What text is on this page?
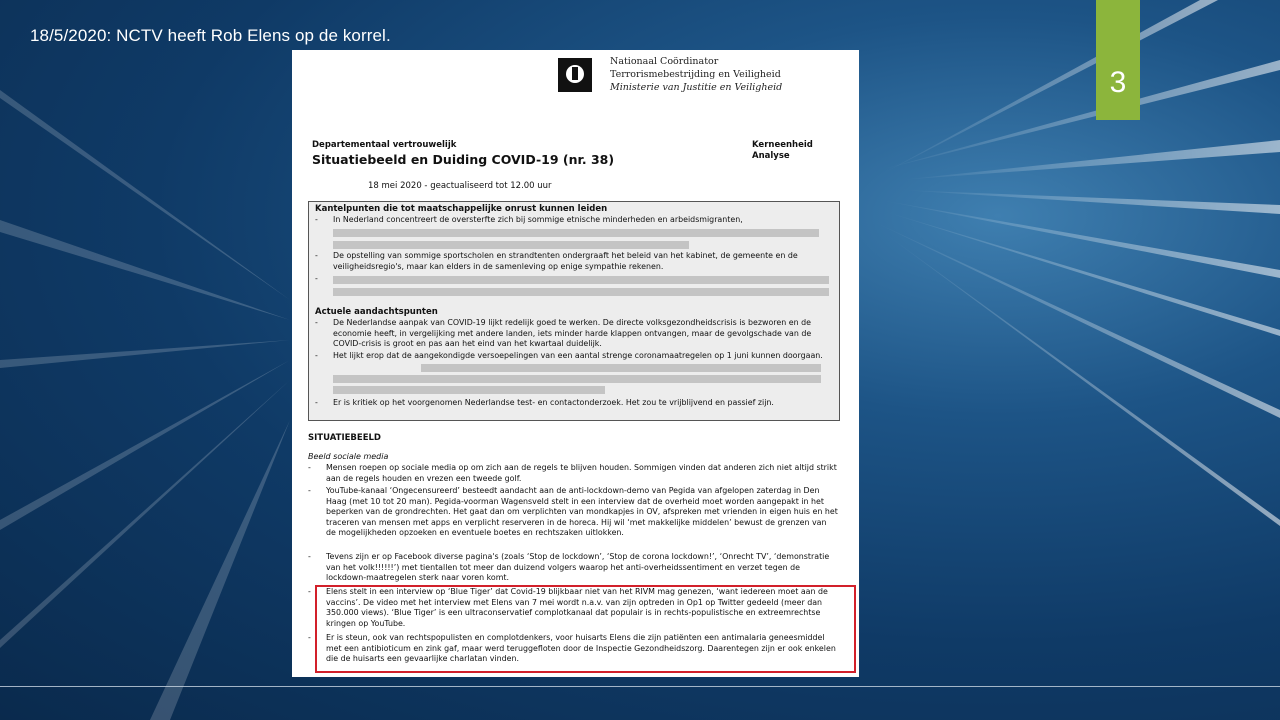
18/5/2020: NCTV heeft Rob Elens op de korrel.
3
Nationaal Coördinator
Terrorismebestrijding en Veiligheid
Ministerie van Justitie en Veiligheid
Departementaal vertrouwelijk
Situatiebeeld en Duiding COVID-19 (nr. 38)
18 mei 2020 - geactualiseerd tot 12.00 uur
Kerneenheid
Analyse
Kantelpunten die tot maatschappelijke onrust kunnen leiden
- In Nederland concentreert de oversterfte zich bij sommige etnische minderheden en arbeidsmigranten,
- De opstelling van sommige sportscholen en strandtenten ondergraaft het beleid van het kabinet, de gemeente en de veiligheidsregio's, maar kan elders in de samenleving op enige sympathie rekenen.
-
Actuele aandachtspunten
- De Nederlandse aanpak van COVID-19 lijkt redelijk goed te werken. De directe volksgezondheidscrisis is bezworen en de economie heeft, in vergelijking met andere landen, iets minder harde klappen ontvangen, maar de gevolgschade van de COVID-crisis is groot en pas aan het eind van het kwartaal duidelijk.
- Het lijkt erop dat de aangekondigde versoepelingen van een aantal strenge coronamaatregelen op 1 juni kunnen doorgaan.
- Er is kritiek op het voorgenomen Nederlandse test- en contactonderzoek. Het zou te vrijblijvend en passief zijn.
SITUATIEBEELD
Beeld sociale media
- Mensen roepen op sociale media op om zich aan de regels te blijven houden. Sommigen vinden dat anderen zich niet altijd strikt aan de regels houden en vrezen een tweede golf.
- YouTube-kanaal ‘Ongecensureerd’ besteedt aandacht aan de anti-lockdown-demo van Pegida van afgelopen zaterdag in Den Haag (met 10 tot 20 man). Pegida-voorman Wagensveld stelt in een interview dat de overheid moet worden aangepakt in het beperken van de grondrechten. Het gaat dan om verplichten van mondkapjes in OV, afspreken met vrienden in eigen huis en het traceren van mensen met apps en verplicht reserveren in de horeca. Hij wil ‘met makkelijke middelen’ bewust de grenzen van de mogelijkheden opzoeken en eventuele boetes en rechtszaken uitlokken.
- Tevens zijn er op Facebook diverse pagina's (zoals ‘Stop de lockdown’, ‘Stop de corona lockdown!’, ‘Onrecht TV’, ‘demonstratie van het volk!!!!!!’) met tientallen tot meer dan duizend volgers waarop het anti-overheidssentiment en verzet tegen de lockdown-maatregelen sterk naar voren komt.
- Elens stelt in een interview op ‘Blue Tiger’ dat Covid-19 blijkbaar niet van het RIVM mag genezen, ‘want iedereen moet aan de vaccins’. De video met het interview met Elens van 7 mei wordt n.a.v. van zijn optreden in Op1 op Twitter gedeeld (meer dan 350.000 views). ‘Blue Tiger’ is een ultraconservatief complotkanaal dat populair is in rechts-populistische en extreemrechtse kringen op YouTube.
- Er is steun, ook van rechtspopulisten en complotdenkers, voor huisarts Elens die zijn patiënten een antimalaria geneesmiddel met een antibioticum en zink gaf, maar werd teruggefloten door de Inspectie Gezondheidszorg. Daarentegen zijn er ook enkelen die de huisarts een gevaarlijke charlatan vinden.
